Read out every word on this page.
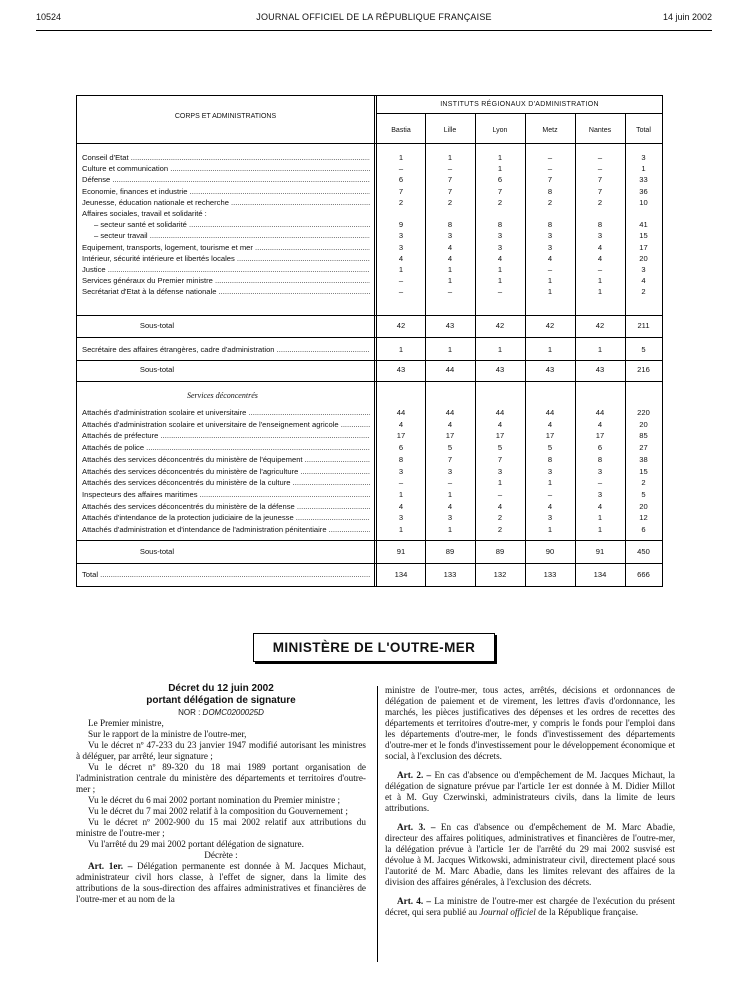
10524	JOURNAL OFFICIEL DE LA RÉPUBLIQUE FRANÇAISE	14 juin 2002
CORPS ET ADMINISTRATIONS
INSTITUTS RÉGIONAUX D'ADMINISTRATION
Bastia	Lille	Lyon	Metz	Nantes	Total
Conseil d'Etat .....	1	1	1	–	–	3
Culture et communication .....	–	–	1	–	–	1
Défense .....	6	7	6	7	7	33
Economie, finances et industrie .....	7	7	7	8	7	36
Jeunesse, éducation nationale et recherche .....	2	2	2	2	2	10
Affaires sociales, travail et solidarité :
– secteur santé et solidarité .....	9	8	8	8	8	41
– secteur travail .....	3	3	3	3	3	15
Equipement, transports, logement, tourisme et mer .....	3	4	3	3	4	17
Intérieur, sécurité intérieure et libertés locales .....	4	4	4	4	4	20
Justice .....	1	1	1	–	–	3
Services généraux du Premier ministre .....	–	1	1	1	1	4
Secrétariat d'Etat à la défense nationale .....	–	–	–	1	1	2
Sous-total	42	43	42	42	42	211
Secrétaire des affaires étrangères, cadre d'administration .....	1	1	1	1	1	5
Sous-total	43	44	43	43	43	216
Services déconcentrés
Attachés d'administration scolaire et universitaire .....	44	44	44	44	44	220
Attachés d'administration scolaire et universitaire de l'enseignement agricole .....	4	4	4	4	4	20
Attachés de préfecture .....	17	17	17	17	17	85
Attachés de police .....	6	5	5	5	6	27
Attachés des services déconcentrés du ministère de l'équipement .....	8	7	7	8	8	38
Attachés des services déconcentrés du ministère de l'agriculture .....	3	3	3	3	3	15
Attachés des services déconcentrés du ministère de la culture .....	–	–	1	1	–	2
Inspecteurs des affaires maritimes .....	1	1	–	–	3	5
Attachés des services déconcentrés du ministère de la défense .....	4	4	4	4	4	20
Attachés d'intendance de la protection judiciaire de la jeunesse .....	3	3	2	3	1	12
Attachés d'administration et d'intendance de l'administration pénitentiaire .....	1	1	2	1	1	6
Sous-total	91	89	89	90	91	450
Total .....	134	133	132	133	134	666
MINISTÈRE DE L'OUTRE-MER

Décret du 12 juin 2002

portant délégation de signature

NOR : DOMC0200025D

Le Premier ministre,

Sur le rapport de la ministre de l'outre-mer,

Vu le décret nº 47-233 du 23 janvier 1947 modifié autorisant les ministres à déléguer, par arrêté, leur signature ;

Vu le décret nº 89-320 du 18 mai 1989 portant organisation de l'administration centrale du ministère des départements et territoires d'outre-mer ;

Vu le décret du 6 mai 2002 portant nomination du Premier ministre ;

Vu le décret du 7 mai 2002 relatif à la composition du Gouvernement ;

Vu le décret nº 2002-900 du 15 mai 2002 relatif aux attributions du ministre de l'outre-mer ;

Vu l'arrêté du 29 mai 2002 portant délégation de signature.

Décrète :

Art. 1er. – Délégation permanente est donnée à M. Jacques Michaut, administrateur civil hors classe, à l'effet de signer, dans la limite des attributions de la sous-direction des affaires administratives et financières de l'outre-mer et au nom de la

ministre de l'outre-mer, tous actes, arrêtés, décisions et ordonnances de délégation de paiement et de virement, les lettres d'avis d'ordonnance, les marchés, les pièces justificatives des dépenses et les ordres de recettes des départements et territoires d'outre-mer, y compris le fonds pour l'emploi dans les départements d'outre-mer, le fonds d'investissement des départements d'outre-mer et le fonds d'investissement pour le développement économique et social, à l'exclusion des décrets.

Art. 2. – En cas d'absence ou d'empêchement de M. Jacques Michaut, la délégation de signature prévue par l'article 1er est donnée à M. Didier Millot et à M. Guy Czerwinski, administrateurs civils, dans la limite de leurs attributions.

Art. 3. – En cas d'absence ou d'empêchement de M. Marc Abadie, directeur des affaires politiques, administratives et financières de l'outre-mer, la délégation prévue à l'article 1er de l'arrêté du 29 mai 2002 susvisé est dévolue à M. Jacques Witkowski, administrateur civil, directement placé sous l'autorité de M. Marc Abadie, dans les limites relevant des affaires de la division des affaires générales, à l'exclusion des décrets.

Art. 4. – La ministre de l'outre-mer est chargée de l'exécution du présent décret, qui sera publié au Journal officiel de la République française.
